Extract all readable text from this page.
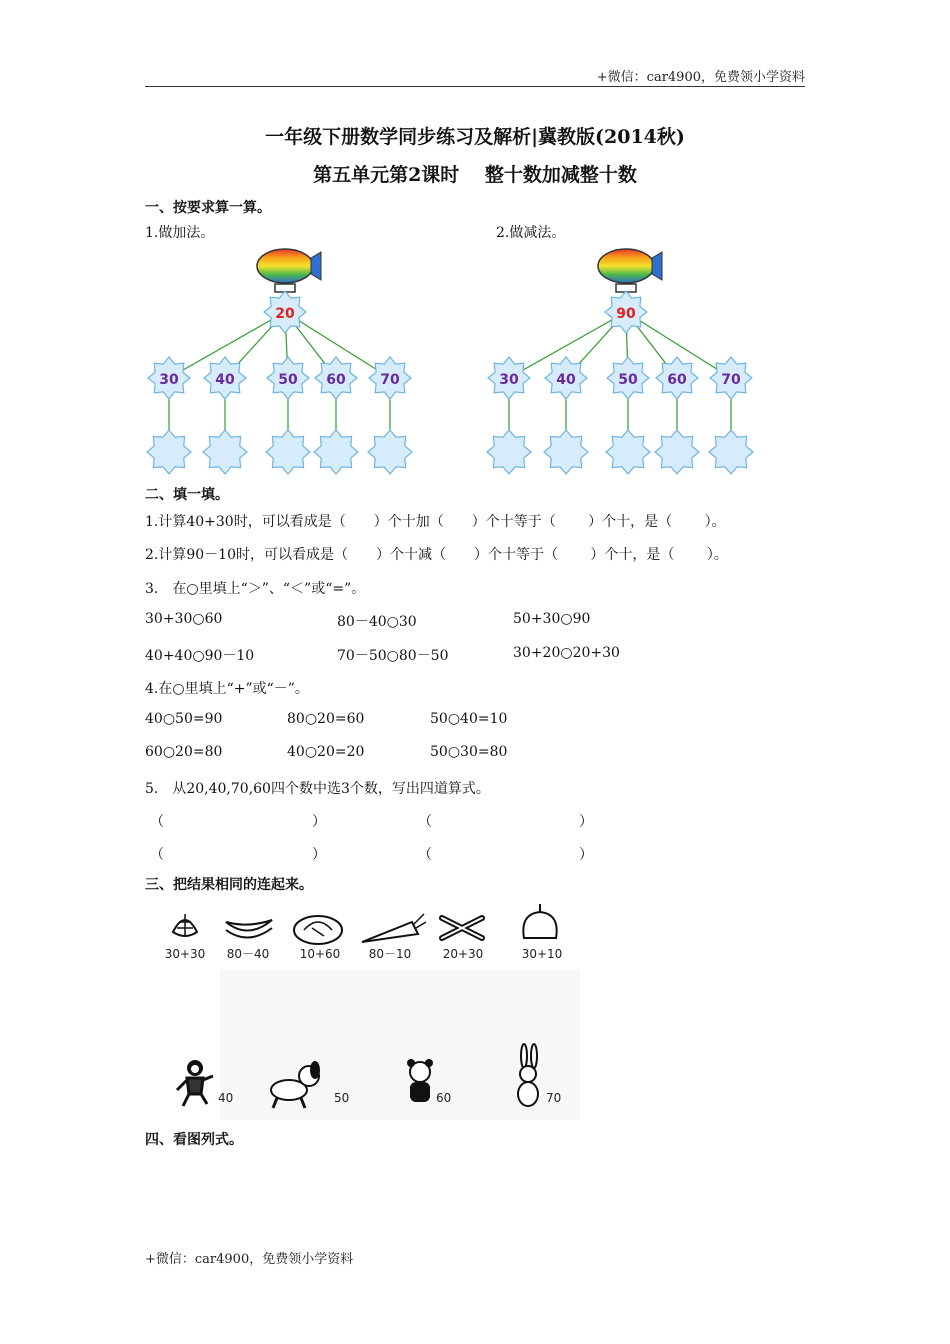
+微信：car4900，免费领小学资料
一年级下册数学同步练习及解析|冀教版(2014秋)
第五单元第2课时　 整十数加减整十数
一、按要求算一算。
1.做加法。	2.做减法。
20
30	40	50 60 70
90
30	40	50 60 70
二、填一填。
1.计算40+30时，可以看成是（　　）个十加（　　）个十等于（　　 ）个十，是（　　 ）。
2.计算90－10时，可以看成是（　　）个十减（　　）个十等于（　　 ）个十，是（　　 ）。
3.　在○里填上“＞”、“＜”或“=”。
30+30○60	80－40○30	50+30○90
40+40○90－10	70－50○80－50	30+20○20+30
4.在○里填上“+”或“－”。
40○50=90	80○20=60	50○40=10
60○20=80	40○20=20	50○30=80
5.　从20,40,70,60四个数中选3个数，写出四道算式。
（	）	（	）
（	）	（	）
三、把结果相同的连起来。
30+30 80－40	10+60 80－10	20+30	30+10
40	50	60	70
四、看图列式。
+微信：car4900，免费领小学资料
